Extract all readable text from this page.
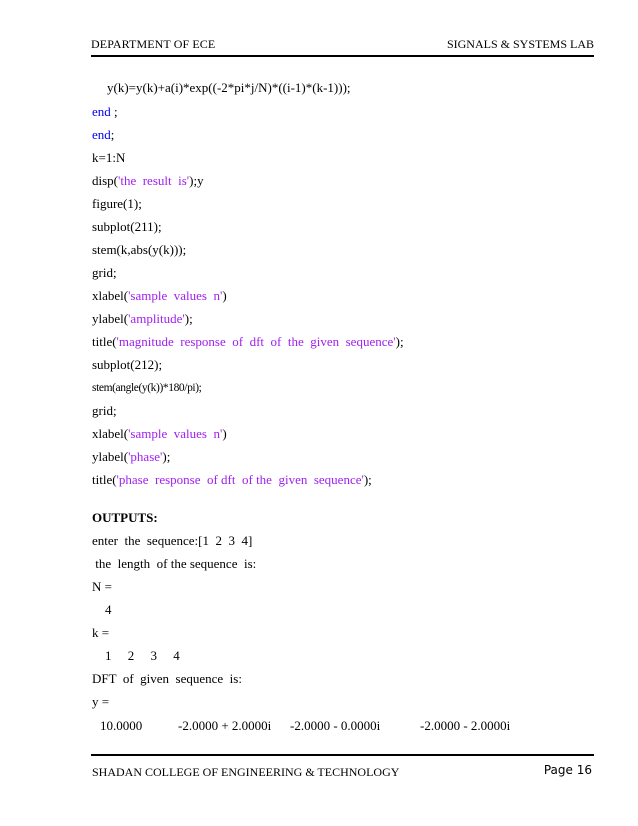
DEPARTMENT OF ECE	SIGNALS & SYSTEMS LAB
y(k)=y(k)+a(i)*exp((-2*pi*j/N)*((i-1)*(k-1)));
end ;
end;
k=1:N
disp('the  result  is');y
figure(1);
subplot(211);
stem(k,abs(y(k)));
grid;
xlabel('sample  values  n')
ylabel('amplitude');
title('magnitude  response  of  dft  of  the  given  sequence');
subplot(212);
stem(angle(y(k))*180/pi);
grid;
xlabel('sample  values  n')
ylabel('phase');
title('phase  response  of dft  of the  given  sequence');
OUTPUTS:
enter  the  sequence:[1  2  3  4]
the  length  of the sequence  is:
N =
4
k =
1     2     3     4
DFT  of  given  sequence  is:
y =
10.0000	-2.0000 + 2.0000i -2.0000 - 0.0000i	-2.0000 - 2.0000i
SHADAN COLLEGE OF ENGINEERING & TECHNOLOGY	Page 16
